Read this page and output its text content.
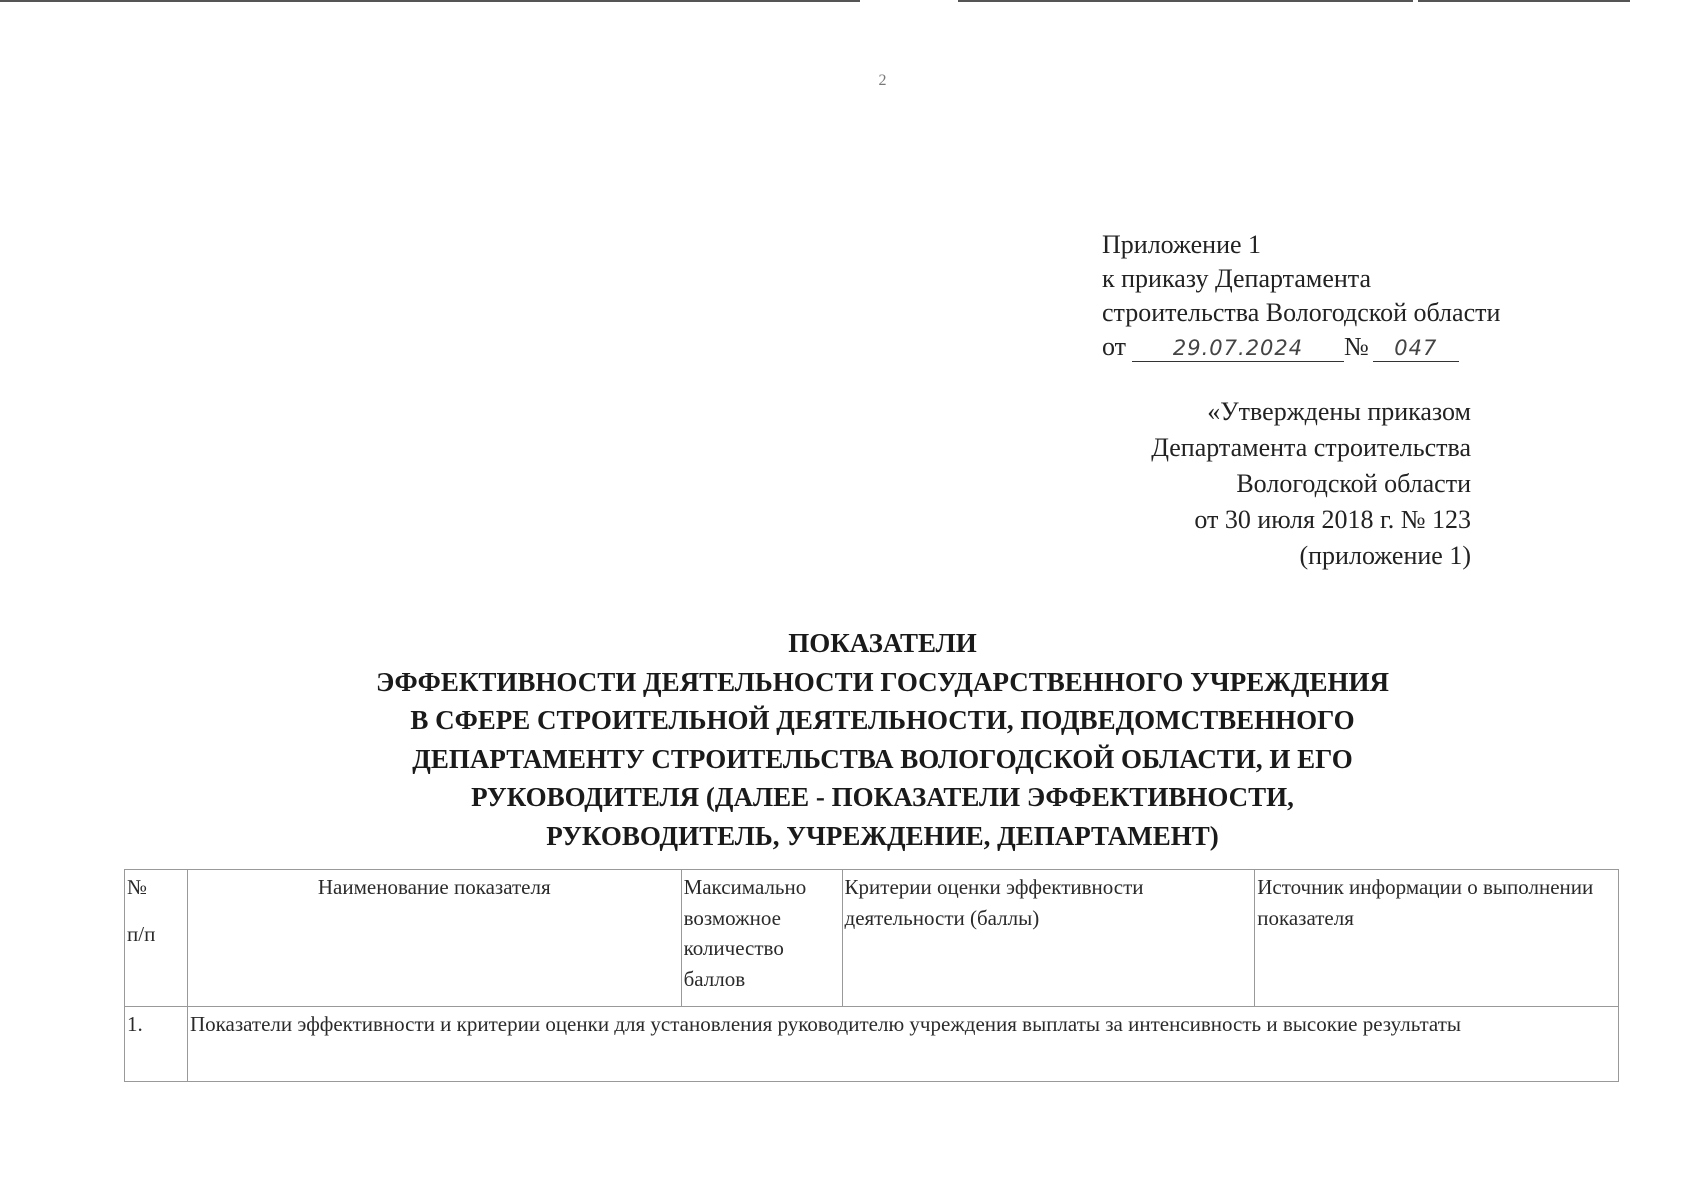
2
Приложение 1
к приказу Департамента
строительства Вологодской области
от	29.07.2024	№	047
«Утверждены приказом
Департамента строительства
Вологодской области
от 30 июля 2018 г. № 123
(приложение 1)
ПОКАЗАТЕЛИ
ЭФФЕКТИВНОСТИ ДЕЯТЕЛЬНОСТИ ГОСУДАРСТВЕННОГО УЧРЕЖДЕНИЯ
В СФЕРЕ СТРОИТЕЛЬНОЙ ДЕЯТЕЛЬНОСТИ, ПОДВЕДОМСТВЕННОГО
ДЕПАРТАМЕНТУ СТРОИТЕЛЬСТВА ВОЛОГОДСКОЙ ОБЛАСТИ, И ЕГО
РУКОВОДИТЕЛЯ (ДАЛЕЕ - ПОКАЗАТЕЛИ ЭФФЕКТИВНОСТИ,
РУКОВОДИТЕЛЬ, УЧРЕЖДЕНИЕ, ДЕПАРТАМЕНТ)
№
п/п	Наименование показателя	Максимально возможное количество баллов	Критерии оценки эффективности деятельности (баллы)	Источник информации о выполнении показателя
1.	Показатели эффективности и критерии оценки для установления руководителю учреждения выплаты за интенсивность и высокие результаты			
